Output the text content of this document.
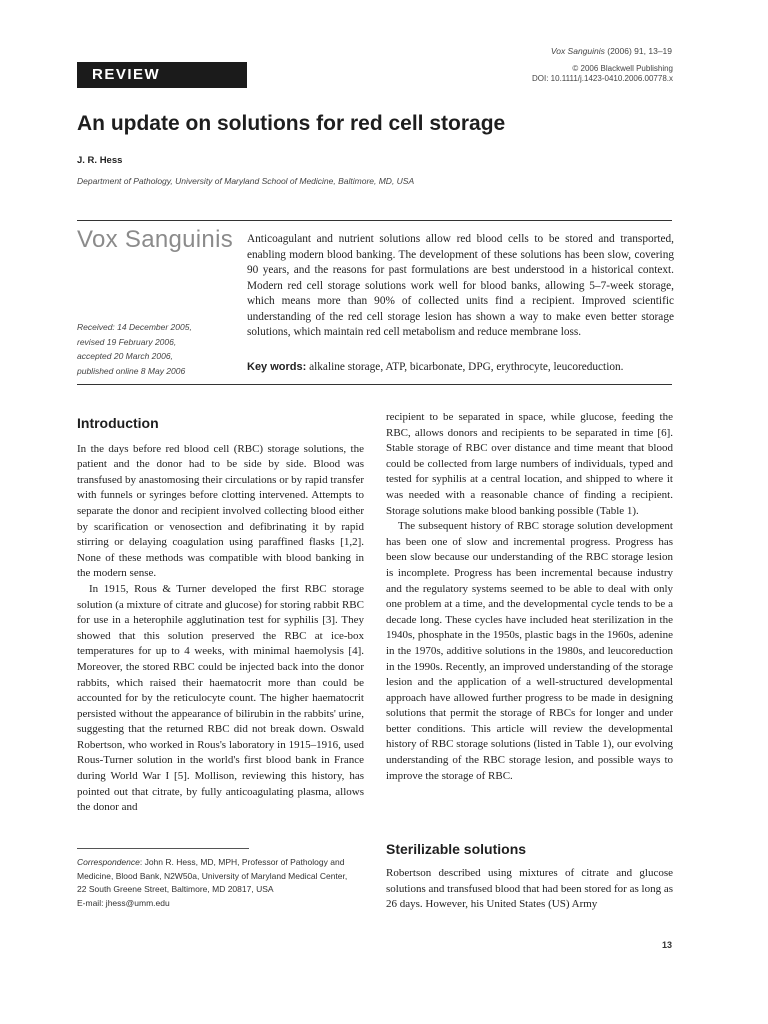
Vox Sanguinis (2006) 91, 13–19
REVIEW	© 2006 Blackwell Publishing
DOI: 10.1111/j.1423-0410.2006.00778.x
An update on solutions for red cell storage
J. R. Hess
Department of Pathology, University of Maryland School of Medicine, Baltimore, MD, USA
Vox Sanguinis
Received: 14 December 2005,
revised 19 February 2006,
accepted 20 March 2006,
published online 8 May 2006

Anticoagulant and nutrient solutions allow red blood cells to be stored and transported, enabling modern blood banking. The development of these solutions has been slow, covering 90 years, and the reasons for past formulations are best understood in a historical context. Modern red cell storage solutions work well for blood banks, allowing 5–7-week storage, which means more than 90% of collected units find a recipient. Improved scientific understanding of the red cell storage lesion has shown a way to make even better storage solutions, which maintain red cell metabolism and reduce membrane loss.

Key words: alkaline storage, ATP, bicarbonate, DPG, erythrocyte, leucoreduction.
Introduction

In the days before red blood cell (RBC) storage solutions, the patient and the donor had to be side by side. Blood was transfused by anastomosing their circulations or by rapid transfer with funnels or syringes before clotting intervened. Attempts to separate the donor and recipient involved collecting blood either by scarification or venosection and defibrinating it by rapid stirring or delaying coagulation using paraffined flasks [1,2]. None of these methods was compatible with blood banking in the modern sense.

In 1915, Rous & Turner developed the first RBC storage solution (a mixture of citrate and glucose) for storing rabbit RBC for use in a heterophile agglutination test for syphilis [3]. They showed that this solution preserved the RBC at ice-box temperatures for up to 4 weeks, with minimal haemolysis [4]. Moreover, the stored RBC could be injected back into the donor rabbits, which raised their haematocrit more than could be accounted for by the reticulocyte count. The higher haematocrit persisted without the appearance of bilirubin in the rabbits' urine, suggesting that the returned RBC did not break down. Oswald Robertson, who worked in Rous's laboratory in 1915–1916, used Rous-Turner solution in the world's first blood bank in France during World War I [5]. Mollison, reviewing this history, has pointed out that citrate, by fully anticoagulating plasma, allows the donor and

recipient to be separated in space, while glucose, feeding the RBC, allows donors and recipients to be separated in time [6]. Stable storage of RBC over distance and time meant that blood could be collected from large numbers of individuals, typed and tested for syphilis at a central location, and shipped to where it was needed with a reasonable chance of finding a recipient. Storage solutions make blood banking possible (Table 1).

The subsequent history of RBC storage solution development has been one of slow and incremental progress. Progress has been slow because our understanding of the RBC storage lesion is incomplete. Progress has been incremental because industry and the regulatory systems seemed to be able to deal with only one problem at a time, and the developmental cycle tends to be a decade long. These cycles have included heat sterilization in the 1940s, phosphate in the 1950s, plastic bags in the 1960s, adenine in the 1970s, additive solutions in the 1980s, and leucoreduction in the 1990s. Recently, an improved understanding of the storage lesion and the application of a well-structured developmental approach have allowed further progress to be made in designing solutions that permit the storage of RBCs for longer and under better conditions. This article will review the developmental history of RBC storage solutions (listed in Table 1), our evolving understanding of the RBC storage lesion, and possible ways to improve the storage of RBC.

Sterilizable solutions

Robertson described using mixtures of citrate and glucose solutions and transfused blood that had been stored for as long as 26 days. However, his United States (US) Army

Correspondence: John R. Hess, MD, MPH, Professor of Pathology and
Medicine, Blood Bank, N2W50a, University of Maryland Medical Center,
22 South Greene Street, Baltimore, MD 20817, USA
E-mail: jhess@umm.edu
13
